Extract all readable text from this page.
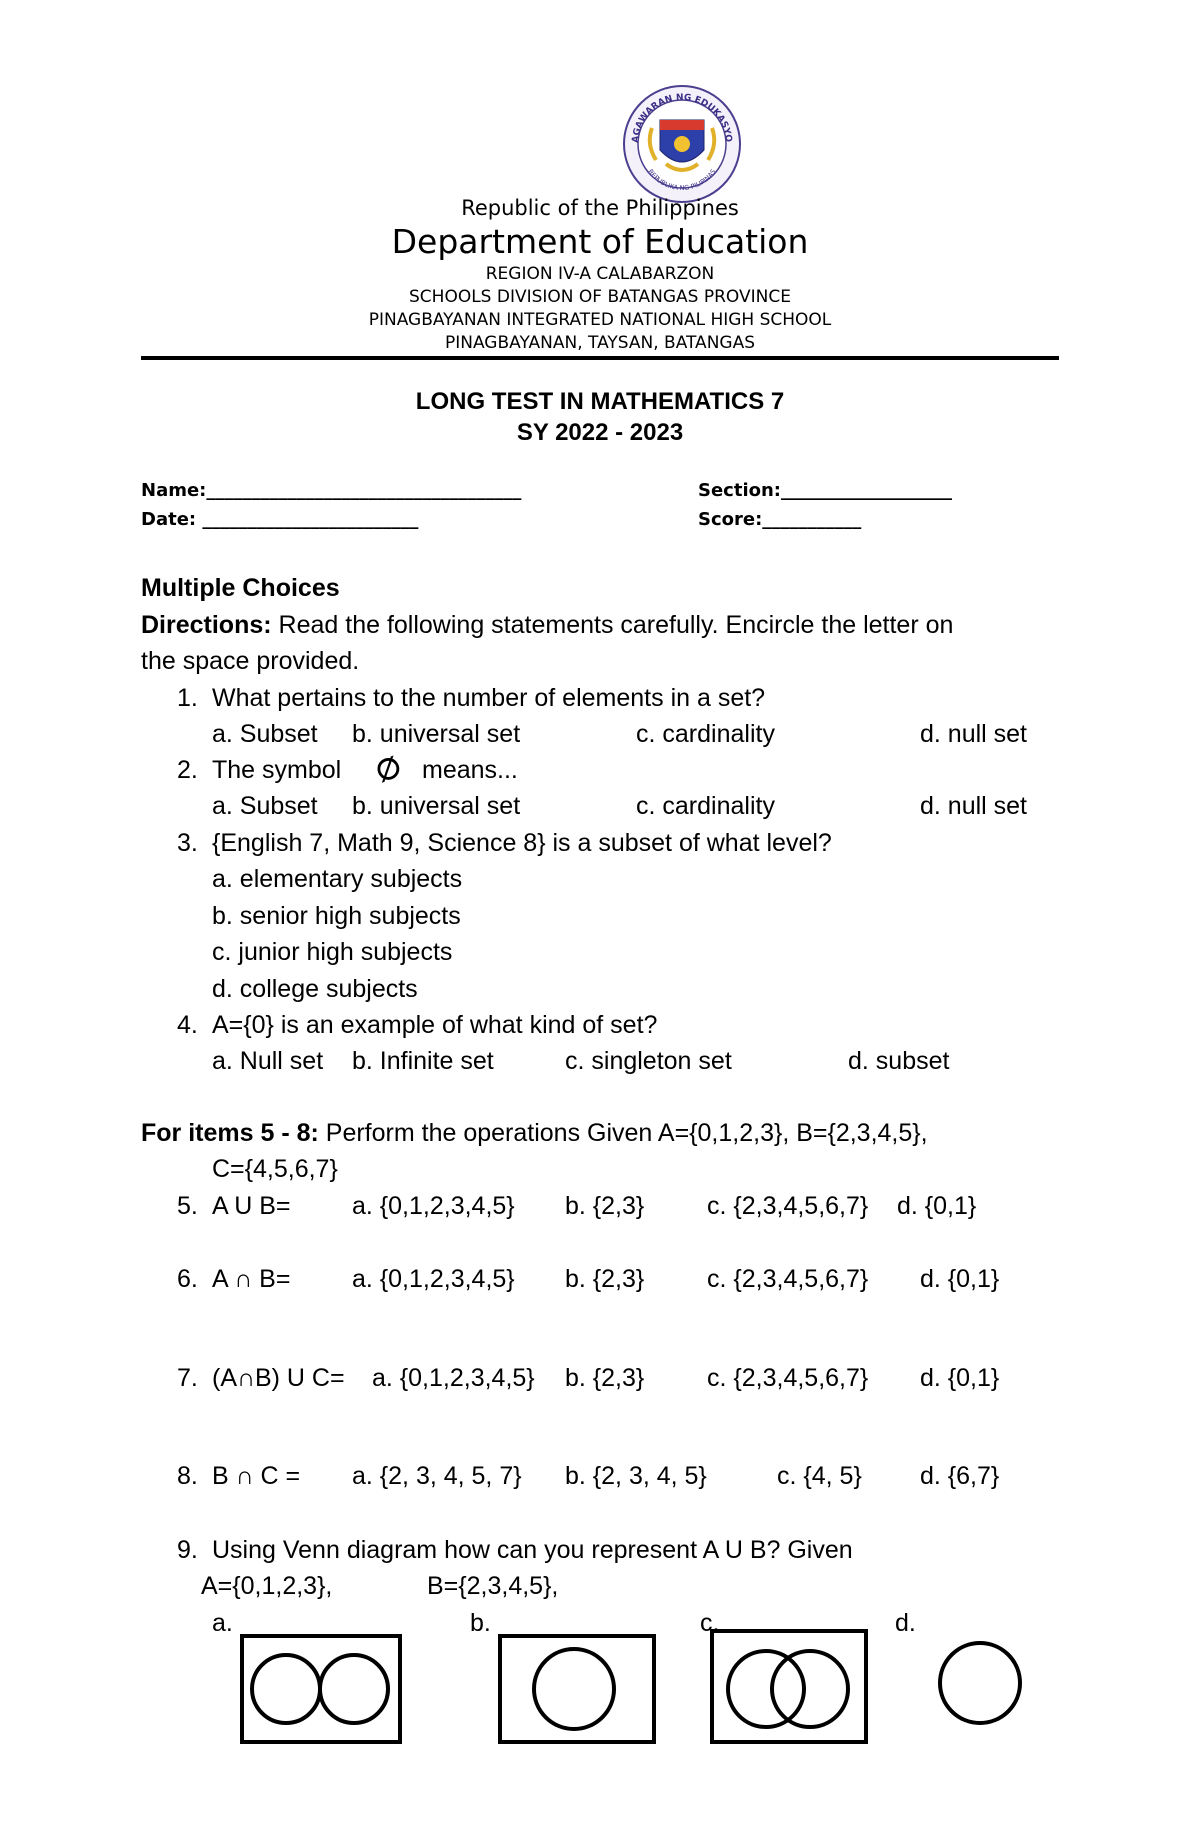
KAGAWARAN NG EDUKASYON
REPUBLIKA NG PILIPINAS
Republic of the Philippines
Department of Education
REGION IV-A CALABARZON
SCHOOLS DIVISION OF BATANGAS PROVINCE
PINAGBAYANAN INTEGRATED NATIONAL HIGH SCHOOL
PINAGBAYANAN, TAYSAN, BATANGAS
LONG TEST IN MATHEMATICS 7
SY 2022 - 2023
Name:___________________________________	Section:___________________
Date: ________________________	Score:___________
Multiple Choices
Directions: Read the following statements carefully. Encircle the letter on
the space provided.
1. What pertains to the number of elements in a set?
a. Subset b. universal set	c. cardinality	d. null set
2. The symbol ∅ means...
a. Subset b. universal set	c. cardinality	d. null set
3. {English 7, Math 9, Science 8} is a subset of what level?
a. elementary subjects
b. senior high subjects
c. junior high subjects
d. college subjects
4. A={0} is an example of what kind of set?
a. Null set b. Infinite set	c. singleton set	d. subset
For items 5 - 8: Perform the operations Given A={0,1,2,3}, B={2,3,4,5},
C={4,5,6,7}
5. A U B= a. {0,1,2,3,4,5} b. {2,3}	c. {2,3,4,5,6,7} d. {0,1}
6. A ∩ B= a. {0,1,2,3,4,5} b. {2,3}	c. {2,3,4,5,6,7} d. {0,1}
7. (A∩B) U C= a. {0,1,2,3,4,5} b. {2,3}	c. {2,3,4,5,6,7} d. {0,1}
8. B ∩ C = a. {2, 3, 4, 5, 7} b. {2, 3, 4, 5}	c. {4, 5} d. {6,7}
9. Using Venn diagram how can you represent A U B? Given
A={0,1,2,3},	B={2,3,4,5},
a.	b.	c.	d.
